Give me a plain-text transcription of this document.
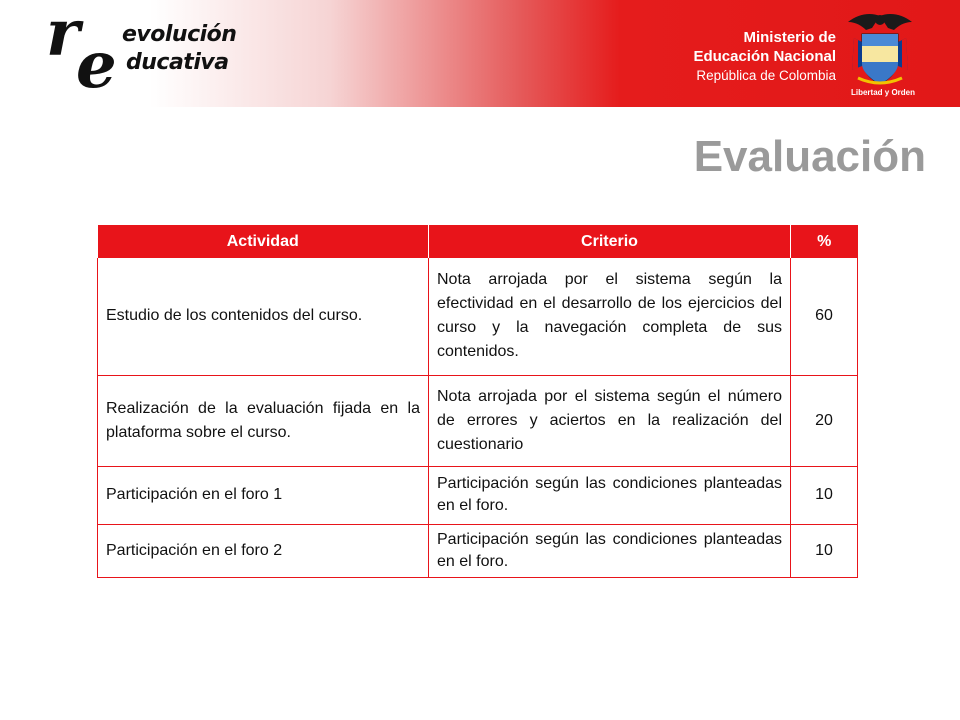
r
e evolución
ducativa
Ministerio de
Educación Nacional
República de Colombia
Libertad y Orden
Evaluación
Actividad	Criterio	%
Estudio de los contenidos del curso.	Nota arrojada por el sistema según la efectividad en el desarrollo de los ejercicios del curso y la navegación completa de sus contenidos.	60
Realización de la evaluación fijada en la plataforma sobre el curso.	Nota arrojada por el sistema según el número de errores y aciertos en la realización del cuestionario	20
Participación en el foro 1	Participación según las condiciones planteadas en el foro.	10
Participación en el foro 2	Participación según las condiciones planteadas en el foro.	10
